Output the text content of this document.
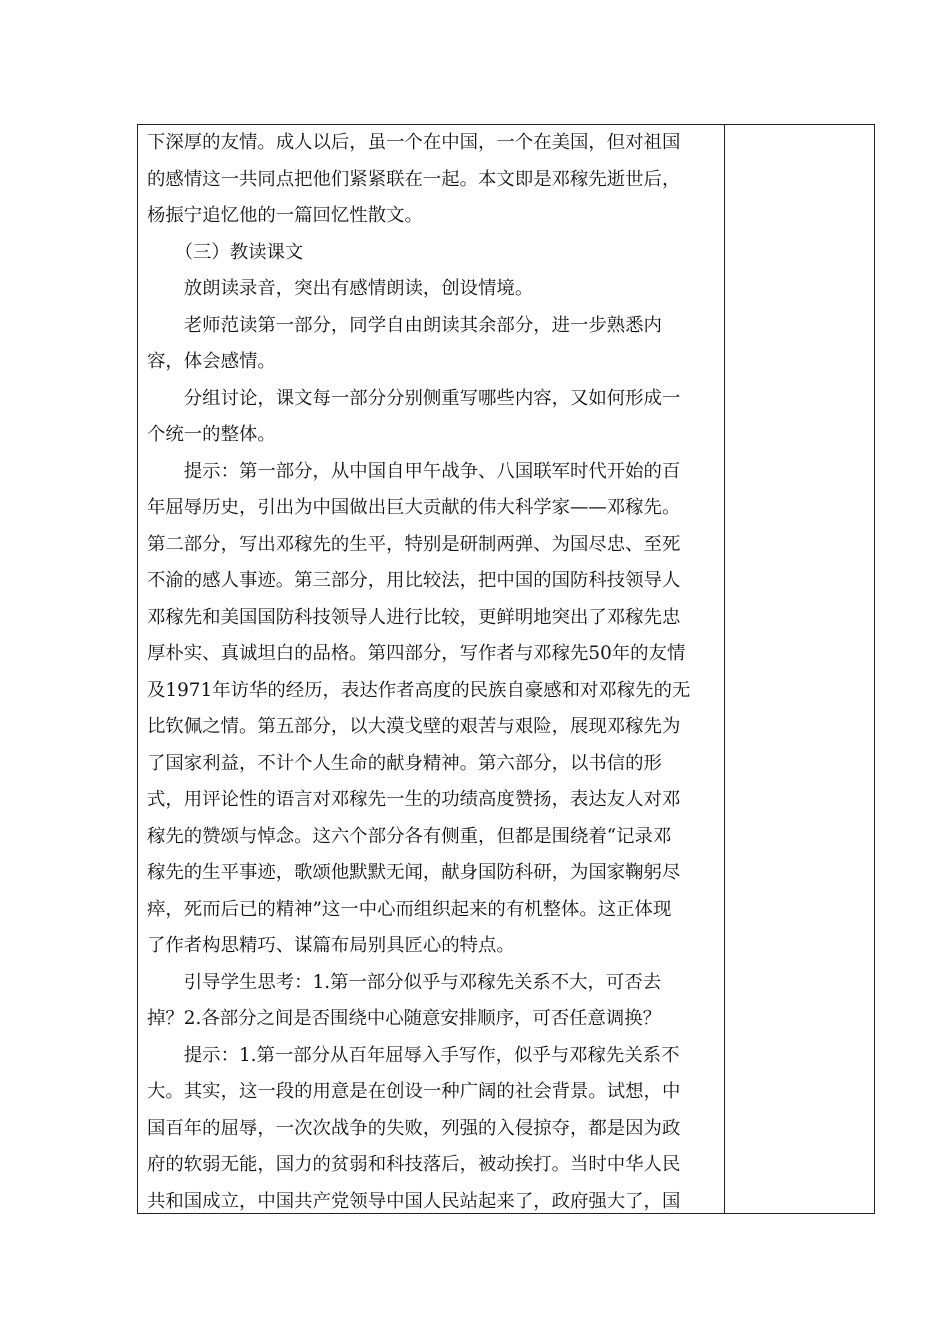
下深厚的友情。成人以后，虽一个在中国，一个在美国，但对祖国
的感情这一共同点把他们紧紧联在一起。本文即是邓稼先逝世后，
杨振宁追忆他的一篇回忆性散文。
　　（三）教读课文
　　放朗读录音，突出有感情朗读，创设情境。
　　老师范读第一部分，同学自由朗读其余部分，进一步熟悉内
容，体会感情。
　　分组讨论，课文每一部分分别侧重写哪些内容，又如何形成一
个统一的整体。
　　提示：第一部分，从中国自甲午战争、八国联军时代开始的百
年屈辱历史，引出为中国做出巨大贡献的伟大科学家——邓稼先。
第二部分，写出邓稼先的生平，特别是研制两弹、为国尽忠、至死
不渝的感人事迹。第三部分，用比较法，把中国的国防科技领导人
邓稼先和美国国防科技领导人进行比较，更鲜明地突出了邓稼先忠
厚朴实、真诚坦白的品格。第四部分，写作者与邓稼先50年的友情
及1971年访华的经历，表达作者高度的民族自豪感和对邓稼先的无
比钦佩之情。第五部分，以大漠戈壁的艰苦与艰险，展现邓稼先为
了国家利益，不计个人生命的献身精神。第六部分，以书信的形
式，用评论性的语言对邓稼先一生的功绩高度赞扬，表达友人对邓
稼先的赞颂与悼念。这六个部分各有侧重，但都是围绕着“记录邓
稼先的生平事迹，歌颂他默默无闻，献身国防科研，为国家鞠躬尽
瘁，死而后已的精神”这一中心而组织起来的有机整体。这正体现
了作者构思精巧、谋篇布局别具匠心的特点。
　　引导学生思考：1.第一部分似乎与邓稼先关系不大，可否去
掉？2.各部分之间是否围绕中心随意安排顺序，可否任意调换？
　　提示：1.第一部分从百年屈辱入手写作，似乎与邓稼先关系不
大。其实，这一段的用意是在创设一种广阔的社会背景。试想，中
国百年的屈辱，一次次战争的失败，列强的入侵掠夺，都是因为政
府的软弱无能，国力的贫弱和科技落后，被动挨打。当时中华人民
共和国成立，中国共产党领导中国人民站起来了，政府强大了，国
